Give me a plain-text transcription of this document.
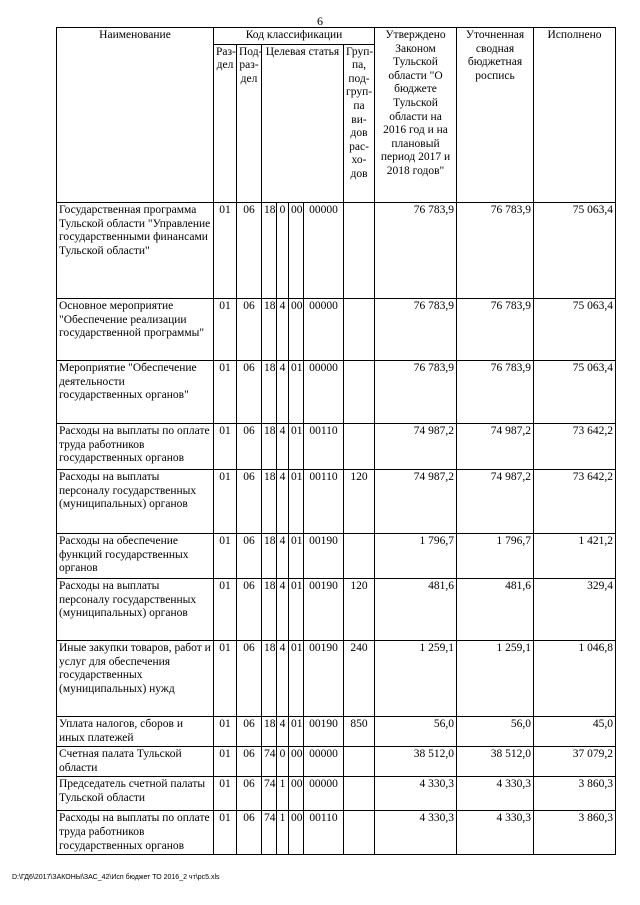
6
Наименование	Код классификации							Утверждено Законом Тульской области "О бюджете Тульской области на 2016 год и на плановый период 2017 и 2018 годов"	Уточненная сводная бюджетная роспись	Исполнено
	Раз-дел	Под-раз-дел	Целевая статья				Груп-па, под-груп-па ви-дов рас-хо-дов			
Государственная программа Тульской области "Управление государственными финансами Тульской области"	01	06	18	0	00	00000		76 783,9	76 783,9	75 063,4
Основное мероприятие "Обеспечение реализации государственной программы"	01	06	18	4	00	00000		76 783,9	76 783,9	75 063,4
Мероприятие "Обеспечение деятельности государственных органов"	01	06	18	4	01	00000		76 783,9	76 783,9	75 063,4
Расходы на выплаты по оплате труда работников государственных органов	01	06	18	4	01	00110		74 987,2	74 987,2	73 642,2
Расходы на выплаты персоналу государственных (муниципальных) органов	01	06	18	4	01	00110	120	74 987,2	74 987,2	73 642,2
Расходы на обеспечение функций государственных органов	01	06	18	4	01	00190		1 796,7	1 796,7	1 421,2
Расходы на выплаты персоналу государственных (муниципальных) органов	01	06	18	4	01	00190	120	481,6	481,6	329,4
Иные закупки товаров, работ и услуг для обеспечения государственных (муниципальных) нужд	01	06	18	4	01	00190	240	1 259,1	1 259,1	1 046,8
Уплата налогов, сборов и иных платежей	01	06	18	4	01	00190	850	56,0	56,0	45,0
Счетная палата Тульской области	01	06	74	0	00	00000		38 512,0	38 512,0	37 079,2
Председатель счетной палаты Тульской области	01	06	74	1	00	00000		4 330,3	4 330,3	3 860,3
Расходы на выплаты по оплате труда работников государственных органов	01	06	74	1	00	00110		4 330,3	4 330,3	3 860,3
D:\ГД6\2017\ЗАКОНЫ\ЗАС_42\Исп бюджет ТО 2016_2 чт\рс5.xls
